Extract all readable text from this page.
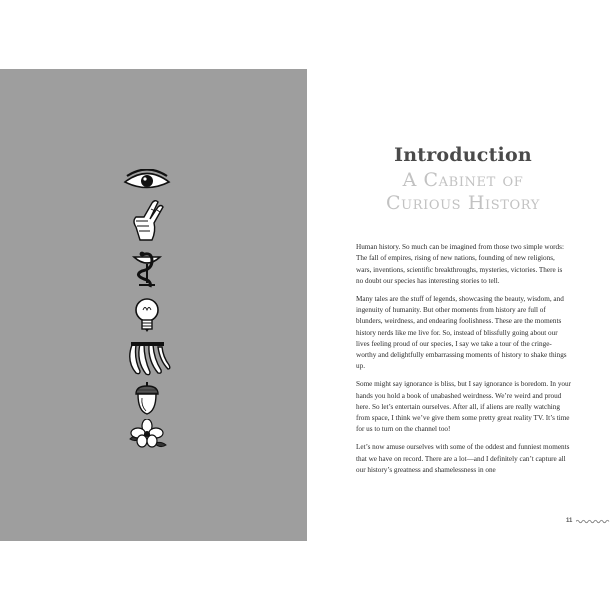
Introduction
A Cabinet of
Curious History

Human history. So much can be imagined from those two simple words: The fall of empires, rising of new nations, founding of new religions, wars, inventions, scientific breakthroughs, mysteries, victories. There is no doubt our species has interesting stories to tell.

Many tales are the stuff of legends, showcasing the beauty, wisdom, and ingenuity of humanity. But other moments from history are full of blunders, weirdness, and endearing foolishness. These are the moments history nerds like me live for. So, instead of blissfully going about our lives feeling proud of our species, I say we take a tour of the cringe-worthy and delightfully embarrassing moments of history to shake things up.

Some might say ignorance is bliss, but I say ignorance is boredom. In your hands you hold a book of unabashed weirdness. We’re weird and proud here. So let’s entertain ourselves. After all, if aliens are really watching from space, I think we’ve give them some pretty great reality TV. It’s time for us to turn on the channel too!

Let’s now amuse ourselves with some of the oddest and funniest moments that we have on record. There are a lot—and I definitely can’t capture all our history’s greatness and shamelessness in one

11
